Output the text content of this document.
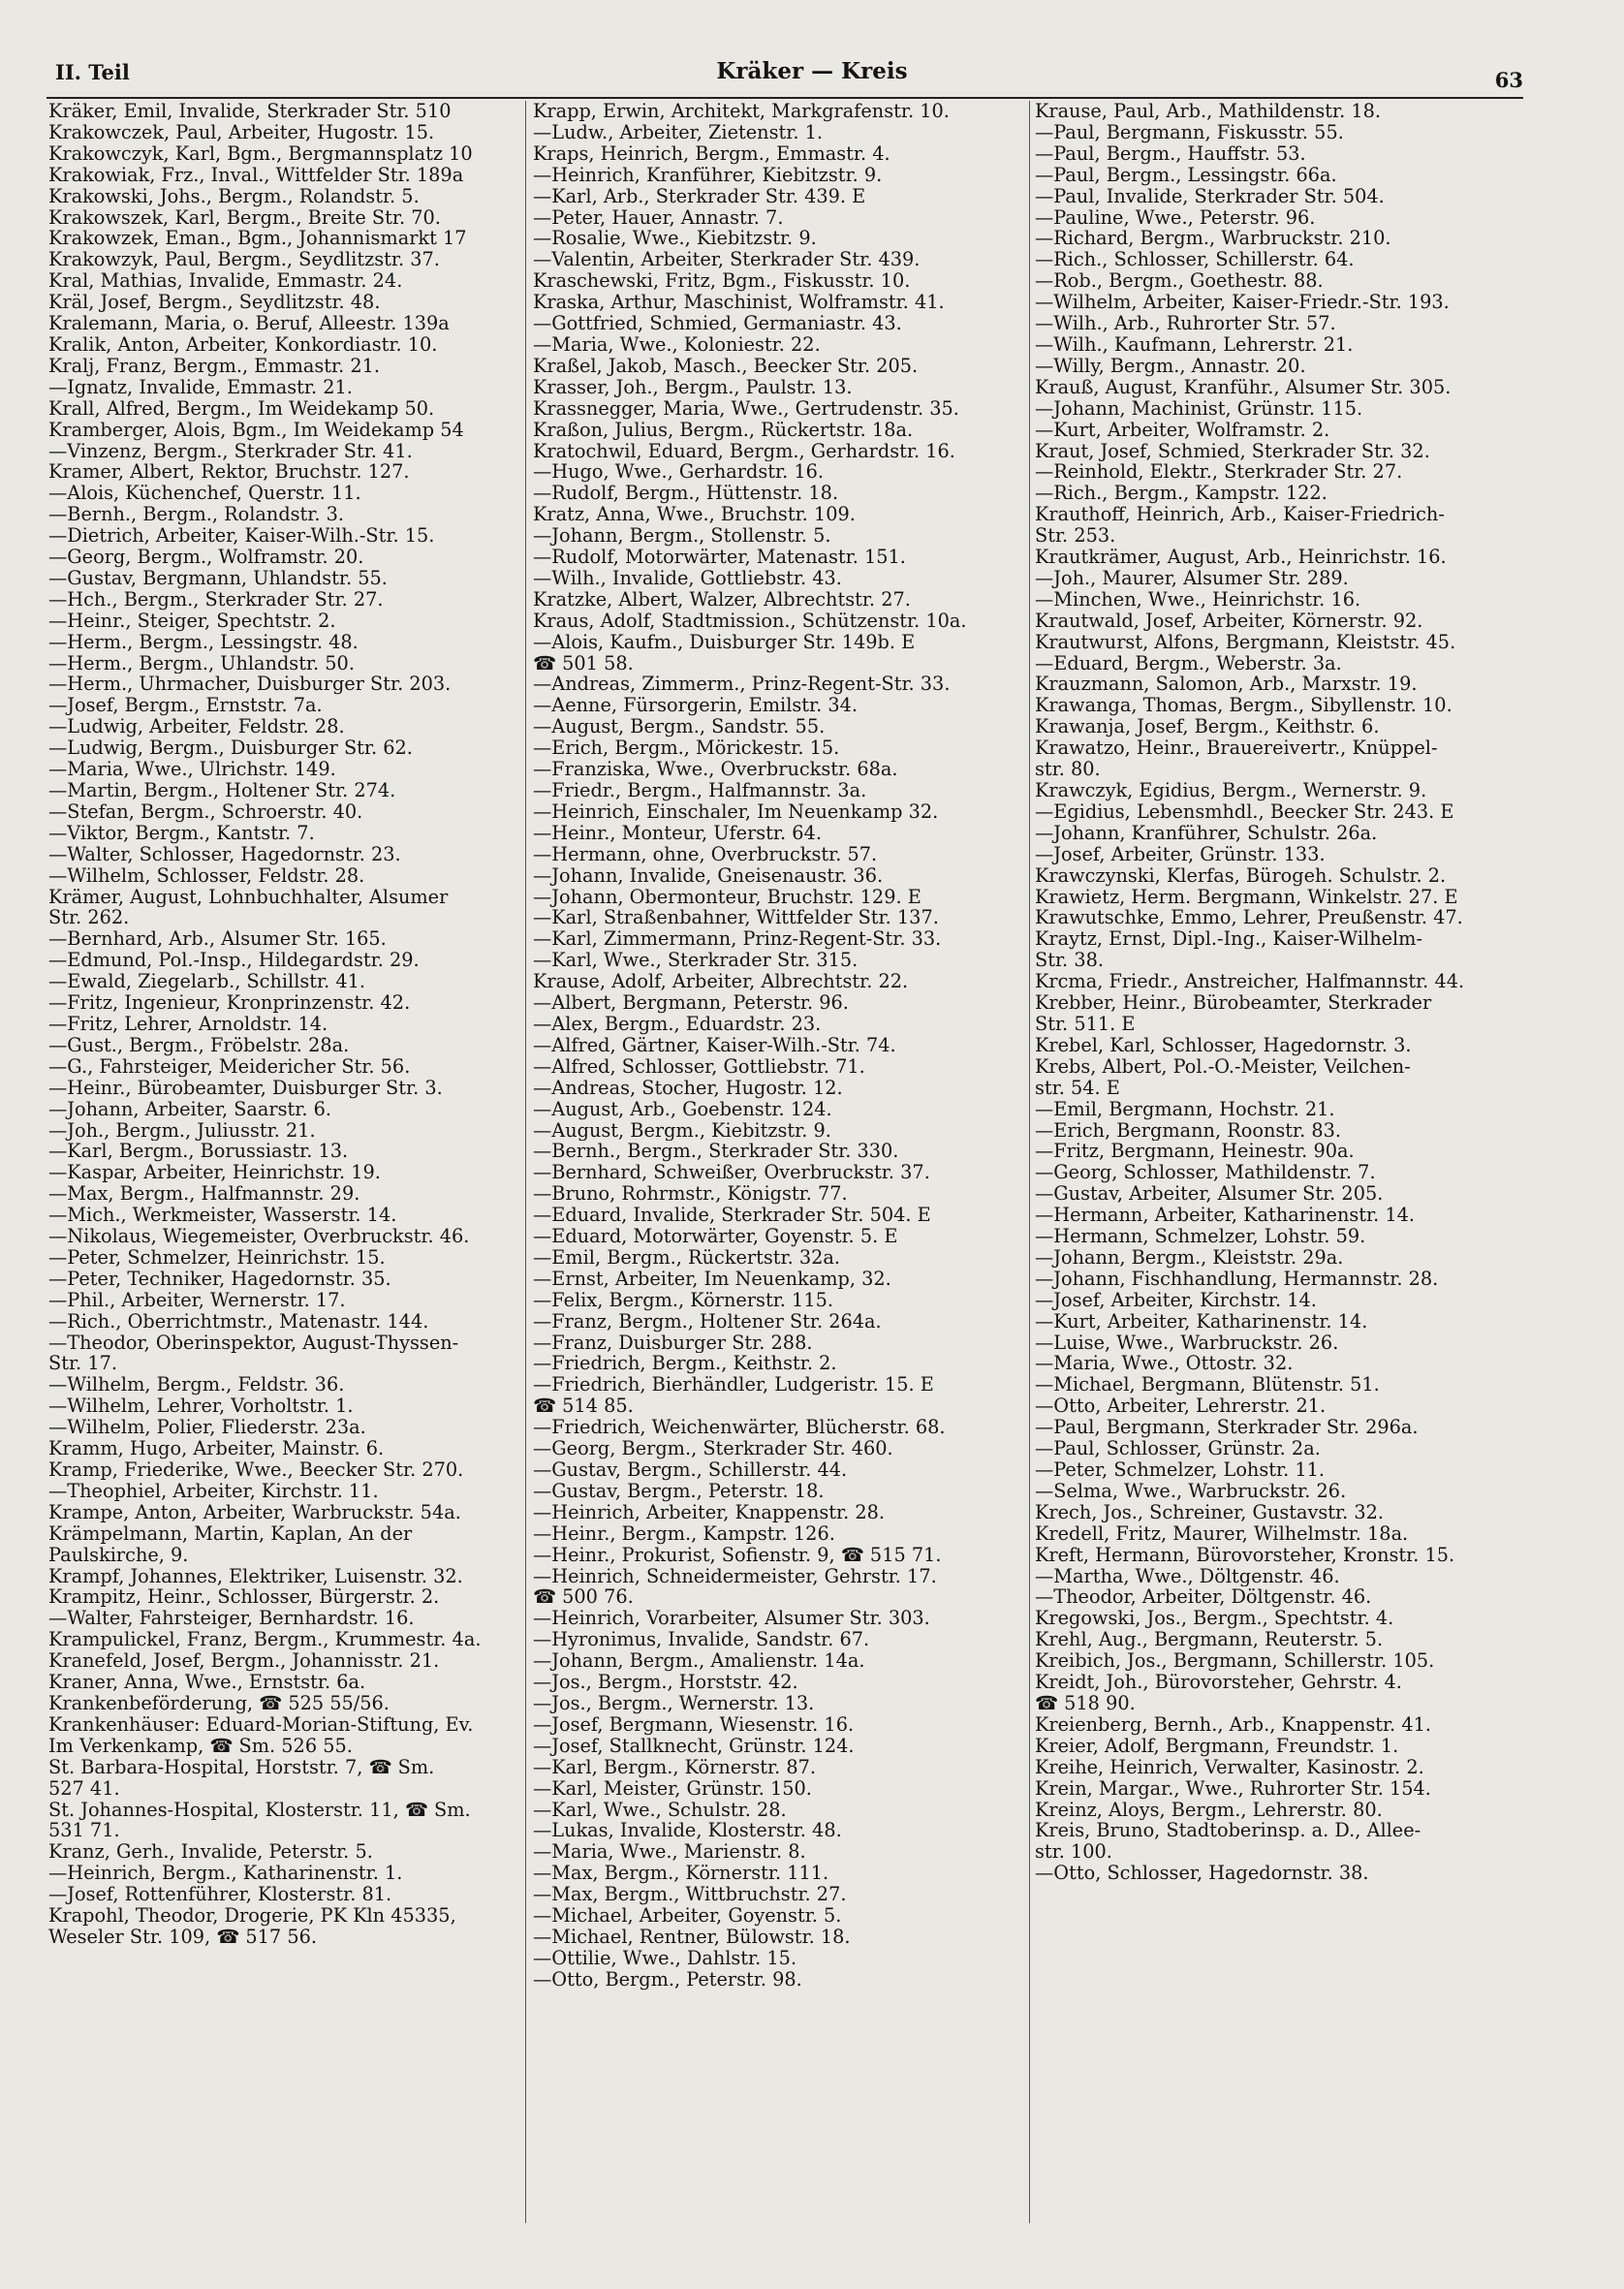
II. Teil	Kräker — Kreis	63
Kräker, Emil, Invalide, Sterkrader Str. 510
Krakowczek, Paul, Arbeiter, Hugostr. 15.
Krakowczyk, Karl, Bgm., Bergmannsplatz 10
Krakowiak, Frz., Inval., Wittfelder Str. 189a
Krakowski, Johs., Bergm., Rolandstr. 5.
Krakowszek, Karl, Bergm., Breite Str. 70.
Krakowzek, Eman., Bgm., Johannismarkt 17
Krakowzyk, Paul, Bergm., Seydlitzstr. 37.
Kral, Mathias, Invalide, Emmastr. 24.
Kräl, Josef, Bergm., Seydlitzstr. 48.
Kralemann, Maria, o. Beruf, Alleestr. 139a
Kralik, Anton, Arbeiter, Konkordiastr. 10.
Kralj, Franz, Bergm., Emmastr. 21.
—Ignatz, Invalide, Emmastr. 21.
Krall, Alfred, Bergm., Im Weidekamp 50.
Kramberger, Alois, Bgm., Im Weidekamp 54
—Vinzenz, Bergm., Sterkrader Str. 41.
Kramer, Albert, Rektor, Bruchstr. 127.
—Alois, Küchenchef, Querstr. 11.
—Bernh., Bergm., Rolandstr. 3.
—Dietrich, Arbeiter, Kaiser-Wilh.-Str. 15.
—Georg, Bergm., Wolframstr. 20.
—Gustav, Bergmann, Uhlandstr. 55.
—Hch., Bergm., Sterkrader Str. 27.
—Heinr., Steiger, Spechtstr. 2.
—Herm., Bergm., Lessingstr. 48.
—Herm., Bergm., Uhlandstr. 50.
—Herm., Uhrmacher, Duisburger Str. 203.
—Josef, Bergm., Ernststr. 7a.
—Ludwig, Arbeiter, Feldstr. 28.
—Ludwig, Bergm., Duisburger Str. 62.
—Maria, Wwe., Ulrichstr. 149.
—Martin, Bergm., Holtener Str. 274.
—Stefan, Bergm., Schroerstr. 40.
—Viktor, Bergm., Kantstr. 7.
—Walter, Schlosser, Hagedornstr. 23.
—Wilhelm, Schlosser, Feldstr. 28.
Krämer, August, Lohnbuchhalter, Alsumer
Str. 262.
—Bernhard, Arb., Alsumer Str. 165.
—Edmund, Pol.-Insp., Hildegardstr. 29.
—Ewald, Ziegelarb., Schillstr. 41.
—Fritz, Ingenieur, Kronprinzenstr. 42.
—Fritz, Lehrer, Arnoldstr. 14.
—Gust., Bergm., Fröbelstr. 28a.
—G., Fahrsteiger, Meidericher Str. 56.
—Heinr., Bürobeamter, Duisburger Str. 3.
—Johann, Arbeiter, Saarstr. 6.
—Joh., Bergm., Juliusstr. 21.
—Karl, Bergm., Borussiastr. 13.
—Kaspar, Arbeiter, Heinrichstr. 19.
—Max, Bergm., Halfmannstr. 29.
—Mich., Werkmeister, Wasserstr. 14.
—Nikolaus, Wiegemeister, Overbruckstr. 46.
—Peter, Schmelzer, Heinrichstr. 15.
—Peter, Techniker, Hagedornstr. 35.
—Phil., Arbeiter, Wernerstr. 17.
—Rich., Oberrichtmstr., Matenastr. 144.
—Theodor, Oberinspektor, August-Thyssen-
Str. 17.
—Wilhelm, Bergm., Feldstr. 36.
—Wilhelm, Lehrer, Vorholtstr. 1.
—Wilhelm, Polier, Fliederstr. 23a.
Kramm, Hugo, Arbeiter, Mainstr. 6.
Kramp, Friederike, Wwe., Beecker Str. 270.
—Theophiel, Arbeiter, Kirchstr. 11.
Krampe, Anton, Arbeiter, Warbruckstr. 54a.
Krämpelmann, Martin, Kaplan, An der
Paulskirche, 9.
Krampf, Johannes, Elektriker, Luisenstr. 32.
Krampitz, Heinr., Schlosser, Bürgerstr. 2.
—Walter, Fahrsteiger, Bernhardstr. 16.
Krampulickel, Franz, Bergm., Krummestr. 4a.
Kranefeld, Josef, Bergm., Johannisstr. 21.
Kraner, Anna, Wwe., Ernststr. 6a.
Krankenbeförderung, ☎ 525 55/56.
Krankenhäuser: Eduard-Morian-Stiftung, Ev.
Im Verkenkamp, ☎ Sm. 526 55.
St. Barbara-Hospital, Horststr. 7, ☎ Sm.
527 41.
St. Johannes-Hospital, Klosterstr. 11, ☎ Sm.
531 71.
Kranz, Gerh., Invalide, Peterstr. 5.
—Heinrich, Bergm., Katharinenstr. 1.
—Josef, Rottenführer, Klosterstr. 81.
Krapohl, Theodor, Drogerie, PK Kln 45335,
Weseler Str. 109, ☎ 517 56.
Krapp, Erwin, Architekt, Markgrafenstr. 10.
—Ludw., Arbeiter, Zietenstr. 1.
Kraps, Heinrich, Bergm., Emmastr. 4.
—Heinrich, Kranführer, Kiebitzstr. 9.
—Karl, Arb., Sterkrader Str. 439. E
—Peter, Hauer, Annastr. 7.
—Rosalie, Wwe., Kiebitzstr. 9.
—Valentin, Arbeiter, Sterkrader Str. 439.
Kraschewski, Fritz, Bgm., Fiskusstr. 10.
Kraska, Arthur, Maschinist, Wolframstr. 41.
—Gottfried, Schmied, Germaniastr. 43.
—Maria, Wwe., Koloniestr. 22.
Kraßel, Jakob, Masch., Beecker Str. 205.
Krasser, Joh., Bergm., Paulstr. 13.
Krassnegger, Maria, Wwe., Gertrudenstr. 35.
Kraßon, Julius, Bergm., Rückertstr. 18a.
Kratochwil, Eduard, Bergm., Gerhardstr. 16.
—Hugo, Wwe., Gerhardstr. 16.
—Rudolf, Bergm., Hüttenstr. 18.
Kratz, Anna, Wwe., Bruchstr. 109.
—Johann, Bergm., Stollenstr. 5.
—Rudolf, Motorwärter, Matenastr. 151.
—Wilh., Invalide, Gottliebstr. 43.
Kratzke, Albert, Walzer, Albrechtstr. 27.
Kraus, Adolf, Stadtmission., Schützenstr. 10a.
—Alois, Kaufm., Duisburger Str. 149b. E
☎ 501 58.
—Andreas, Zimmerm., Prinz-Regent-Str. 33.
—Aenne, Fürsorgerin, Emilstr. 34.
—August, Bergm., Sandstr. 55.
—Erich, Bergm., Mörickestr. 15.
—Franziska, Wwe., Overbruckstr. 68a.
—Friedr., Bergm., Halfmannstr. 3a.
—Heinrich, Einschaler, Im Neuenkamp 32.
—Heinr., Monteur, Uferstr. 64.
—Hermann, ohne, Overbruckstr. 57.
—Johann, Invalide, Gneisenaustr. 36.
—Johann, Obermonteur, Bruchstr. 129. E
—Karl, Straßenbahner, Wittfelder Str. 137.
—Karl, Zimmermann, Prinz-Regent-Str. 33.
—Karl, Wwe., Sterkrader Str. 315.
Krause, Adolf, Arbeiter, Albrechtstr. 22.
—Albert, Bergmann, Peterstr. 96.
—Alex, Bergm., Eduardstr. 23.
—Alfred, Gärtner, Kaiser-Wilh.-Str. 74.
—Alfred, Schlosser, Gottliebstr. 71.
—Andreas, Stocher, Hugostr. 12.
—August, Arb., Goebenstr. 124.
—August, Bergm., Kiebitzstr. 9.
—Bernh., Bergm., Sterkrader Str. 330.
—Bernhard, Schweißer, Overbruckstr. 37.
—Bruno, Rohrmstr., Königstr. 77.
—Eduard, Invalide, Sterkrader Str. 504. E
—Eduard, Motorwärter, Goyenstr. 5. E
—Emil, Bergm., Rückertstr. 32a.
—Ernst, Arbeiter, Im Neuenkamp, 32.
—Felix, Bergm., Körnerstr. 115.
—Franz, Bergm., Holtener Str. 264a.
—Franz, Duisburger Str. 288.
—Friedrich, Bergm., Keithstr. 2.
—Friedrich, Bierhändler, Ludgeristr. 15. E
☎ 514 85.
—Friedrich, Weichenwärter, Blücherstr. 68.
—Georg, Bergm., Sterkrader Str. 460.
—Gustav, Bergm., Schillerstr. 44.
—Gustav, Bergm., Peterstr. 18.
—Heinrich, Arbeiter, Knappenstr. 28.
—Heinr., Bergm., Kampstr. 126.
—Heinr., Prokurist, Sofienstr. 9, ☎ 515 71.
—Heinrich, Schneidermeister, Gehrstr. 17.
☎ 500 76.
—Heinrich, Vorarbeiter, Alsumer Str. 303.
—Hyronimus, Invalide, Sandstr. 67.
—Johann, Bergm., Amalienstr. 14a.
—Jos., Bergm., Horststr. 42.
—Jos., Bergm., Wernerstr. 13.
—Josef, Bergmann, Wiesenstr. 16.
—Josef, Stallknecht, Grünstr. 124.
—Karl, Bergm., Körnerstr. 87.
—Karl, Meister, Grünstr. 150.
—Karl, Wwe., Schulstr. 28.
—Lukas, Invalide, Klosterstr. 48.
—Maria, Wwe., Marienstr. 8.
—Max, Bergm., Körnerstr. 111.
—Max, Bergm., Wittbruchstr. 27.
—Michael, Arbeiter, Goyenstr. 5.
—Michael, Rentner, Bülowstr. 18.
—Ottilie, Wwe., Dahlstr. 15.
—Otto, Bergm., Peterstr. 98.
Krause, Paul, Arb., Mathildenstr. 18.
—Paul, Bergmann, Fiskusstr. 55.
—Paul, Bergm., Hauffstr. 53.
—Paul, Bergm., Lessingstr. 66a.
—Paul, Invalide, Sterkrader Str. 504.
—Pauline, Wwe., Peterstr. 96.
—Richard, Bergm., Warbruckstr. 210.
—Rich., Schlosser, Schillerstr. 64.
—Rob., Bergm., Goethestr. 88.
—Wilhelm, Arbeiter, Kaiser-Friedr.-Str. 193.
—Wilh., Arb., Ruhrorter Str. 57.
—Wilh., Kaufmann, Lehrerstr. 21.
—Willy, Bergm., Annastr. 20.
Krauß, August, Kranführ., Alsumer Str. 305.
—Johann, Machinist, Grünstr. 115.
—Kurt, Arbeiter, Wolframstr. 2.
Kraut, Josef, Schmied, Sterkrader Str. 32.
—Reinhold, Elektr., Sterkrader Str. 27.
—Rich., Bergm., Kampstr. 122.
Krauthoff, Heinrich, Arb., Kaiser-Friedrich-
Str. 253.
Krautkrämer, August, Arb., Heinrichstr. 16.
—Joh., Maurer, Alsumer Str. 289.
—Minchen, Wwe., Heinrichstr. 16.
Krautwald, Josef, Arbeiter, Körnerstr. 92.
Krautwurst, Alfons, Bergmann, Kleiststr. 45.
—Eduard, Bergm., Weberstr. 3a.
Krauzmann, Salomon, Arb., Marxstr. 19.
Krawanga, Thomas, Bergm., Sibyllenstr. 10.
Krawanja, Josef, Bergm., Keithstr. 6.
Krawatzo, Heinr., Brauereivertr., Knüppel-
str. 80.
Krawczyk, Egidius, Bergm., Wernerstr. 9.
—Egidius, Lebensmhdl., Beecker Str. 243. E
—Johann, Kranführer, Schulstr. 26a.
—Josef, Arbeiter, Grünstr. 133.
Krawczynski, Klerfas, Bürogeh. Schulstr. 2.
Krawietz, Herm. Bergmann, Winkelstr. 27. E
Krawutschke, Emmo, Lehrer, Preußenstr. 47.
Kraytz, Ernst, Dipl.-Ing., Kaiser-Wilhelm-
Str. 38.
Krcma, Friedr., Anstreicher, Halfmannstr. 44.
Krebber, Heinr., Bürobeamter, Sterkrader
Str. 511. E
Krebel, Karl, Schlosser, Hagedornstr. 3.
Krebs, Albert, Pol.-O.-Meister, Veilchen-
str. 54. E
—Emil, Bergmann, Hochstr. 21.
—Erich, Bergmann, Roonstr. 83.
—Fritz, Bergmann, Heinestr. 90a.
—Georg, Schlosser, Mathildenstr. 7.
—Gustav, Arbeiter, Alsumer Str. 205.
—Hermann, Arbeiter, Katharinenstr. 14.
—Hermann, Schmelzer, Lohstr. 59.
—Johann, Bergm., Kleiststr. 29a.
—Johann, Fischhandlung, Hermannstr. 28.
—Josef, Arbeiter, Kirchstr. 14.
—Kurt, Arbeiter, Katharinenstr. 14.
—Luise, Wwe., Warbruckstr. 26.
—Maria, Wwe., Ottostr. 32.
—Michael, Bergmann, Blütenstr. 51.
—Otto, Arbeiter, Lehrerstr. 21.
—Paul, Bergmann, Sterkrader Str. 296a.
—Paul, Schlosser, Grünstr. 2a.
—Peter, Schmelzer, Lohstr. 11.
—Selma, Wwe., Warbruckstr. 26.
Krech, Jos., Schreiner, Gustavstr. 32.
Kredell, Fritz, Maurer, Wilhelmstr. 18a.
Kreft, Hermann, Bürovorsteher, Kronstr. 15.
—Martha, Wwe., Döltgenstr. 46.
—Theodor, Arbeiter, Döltgenstr. 46.
Kregowski, Jos., Bergm., Spechtstr. 4.
Krehl, Aug., Bergmann, Reuterstr. 5.
Kreibich, Jos., Bergmann, Schillerstr. 105.
Kreidt, Joh., Bürovorsteher, Gehrstr. 4.
☎ 518 90.
Kreienberg, Bernh., Arb., Knappenstr. 41.
Kreier, Adolf, Bergmann, Freundstr. 1.
Kreihe, Heinrich, Verwalter, Kasinostr. 2.
Krein, Margar., Wwe., Ruhrorter Str. 154.
Kreinz, Aloys, Bergm., Lehrerstr. 80.
Kreis, Bruno, Stadtoberinsp. a. D., Allee-
str. 100.
—Otto, Schlosser, Hagedornstr. 38.
